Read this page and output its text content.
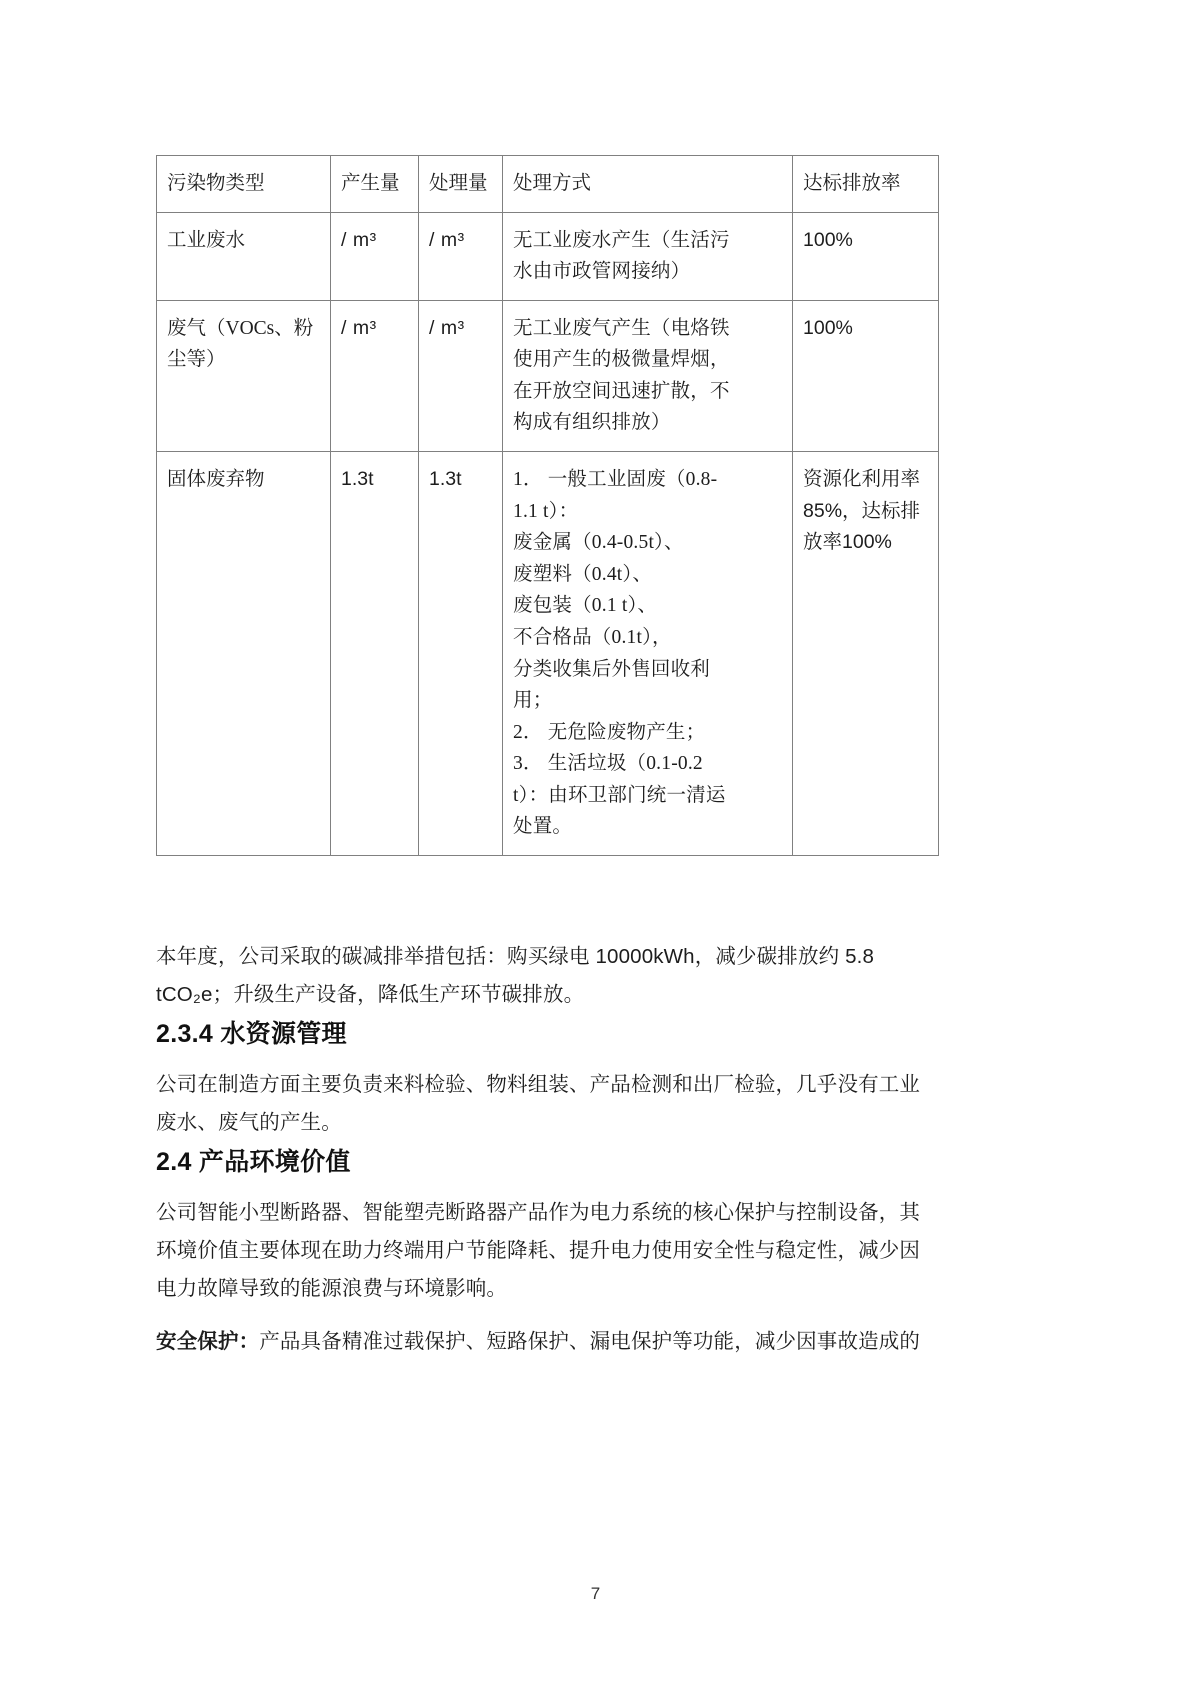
污染物类型	产生量	处理量	处理方式	达标排放率
工业废水	/ m³	/ m³	无工业废水产生（生活污
水由市政管网接纳）	100%
废气（VOCs、粉尘等）	/ m³	/ m³	无工业废气产生（电烙铁
使用产生的极微量焊烟，
在开放空间迅速扩散，不
构成有组织排放）	100%
固体废弃物	1.3t	1.3t	1． 一般工业固废（0.8-
1.1 t）：
废金属（0.4-0.5t）、
废塑料（0.4t）、
废包装（0.1 t）、
不合格品（0.1t），
分类收集后外售回收利
用；
2． 无危险废物产生；
3． 生活垃圾（0.1-0.2
t）：由环卫部门统一清运
处置。
	资源化利用率85%，达标排放率100%

本年度，公司采取的碳减排举措包括：购买绿电 10000kWh，减少碳排放约 5.8 tCO₂e；升级生产设备，降低生产环节碳排放。

2.3.4 水资源管理

公司在制造方面主要负责来料检验、物料组装、产品检测和出厂检验，几乎没有工业废水、废气的产生。

2.4 产品环境价值

公司智能小型断路器、智能塑壳断路器产品作为电力系统的核心保护与控制设备，其环境价值主要体现在助力终端用户节能降耗、提升电力使用安全性与稳定性，减少因电力故障导致的能源浪费与环境影响。

安全保护：产品具备精准过载保护、短路保护、漏电保护等功能，减少因事故造成的

7
